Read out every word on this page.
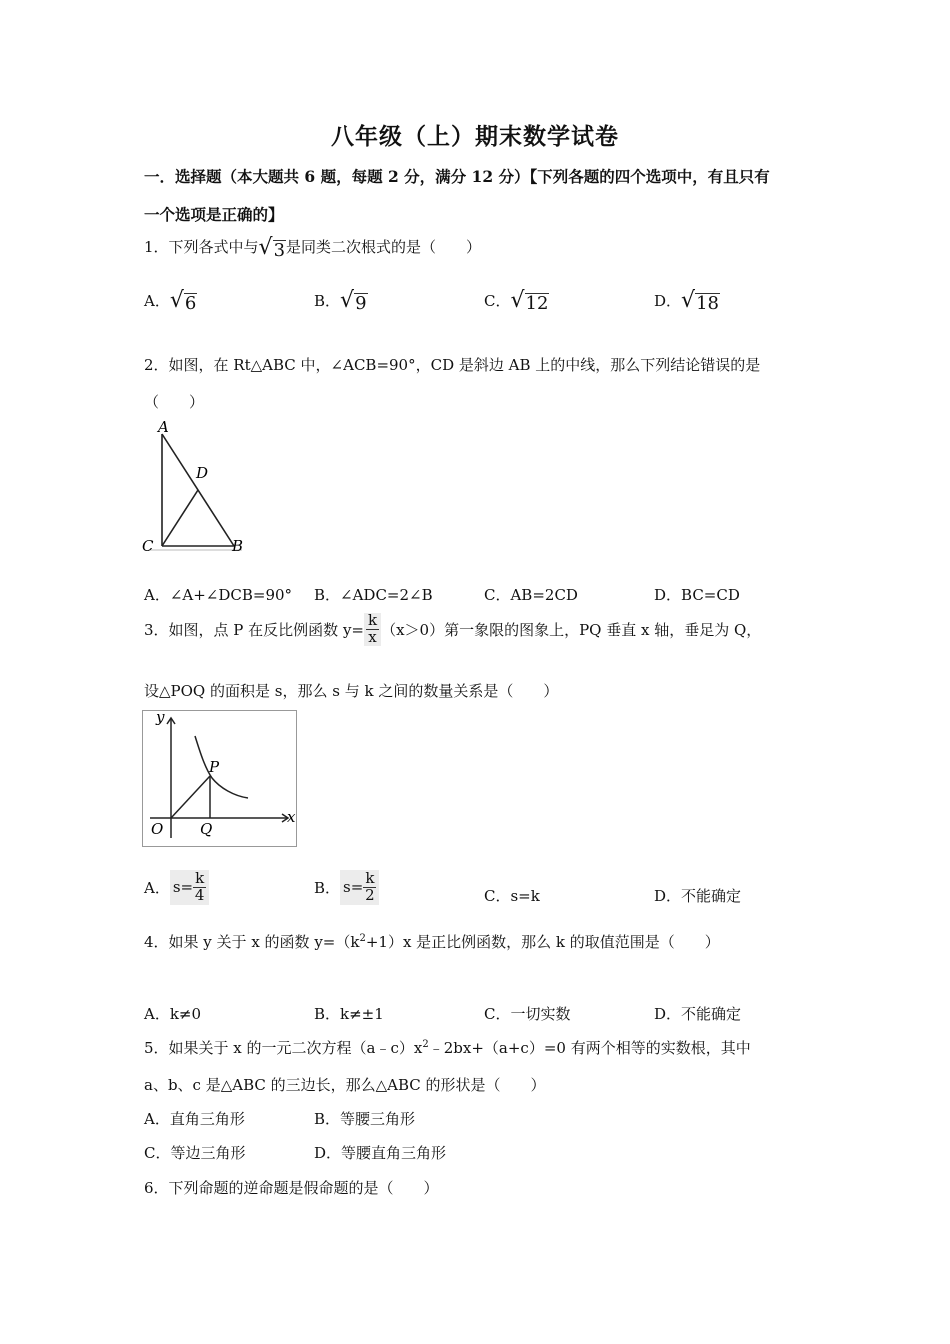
八年级（上）期末数学试卷
一．选择题（本大题共 6 题，每题 2 分，满分 12 分）【下列各题的四个选项中，有且只有
一个选项是正确的】
1．下列各式中与 √ 3 是同类二次根式的是（　　）
A． √ 6	B． √ 9	C． √ 12	D． √ 18
2．如图，在 Rt△ABC 中，∠ACB=90°，CD 是斜边 AB 上的中线，那么下列结论错误的是
（　　）
A
D
C	B
A．∠A+∠DCB=90° B．∠ADC=2∠B	C．AB=2CD	D．BC=CD
3．如图，点 P 在反比例函数 $y= \frac{k}{x} (x>0)$第一象限的图象上，PQ 垂直 x 轴，垂足为 Q，
设△POQ 的面积是 s，那么 s 与 k 之间的数量关系是（　　）
y
x
O Q
P
A． $s= \frac{k}{4}$	B． $s= \frac{k}{2}$	C．s=k	D．不能确定
4．如果 y 关于 x 的函数 $y=(k^2+1)x$ 是正比例函数，那么 k 的取值范围是（　　）
A．k≠0	B．k≠±1	C．一切实数	D．不能确定
5．如果关于 x 的一元二次方程$(a﹣c)x^2﹣2bx+(a+c)=0$ 有两个相等的实数根，其中
a、b、c 是△ABC 的三边长，那么△ABC 的形状是（　　）
A．直角三角形	B．等腰三角形
C．等边三角形	D．等腰直角三角形
6．下列命题的逆命题是假命题的是（　　）
